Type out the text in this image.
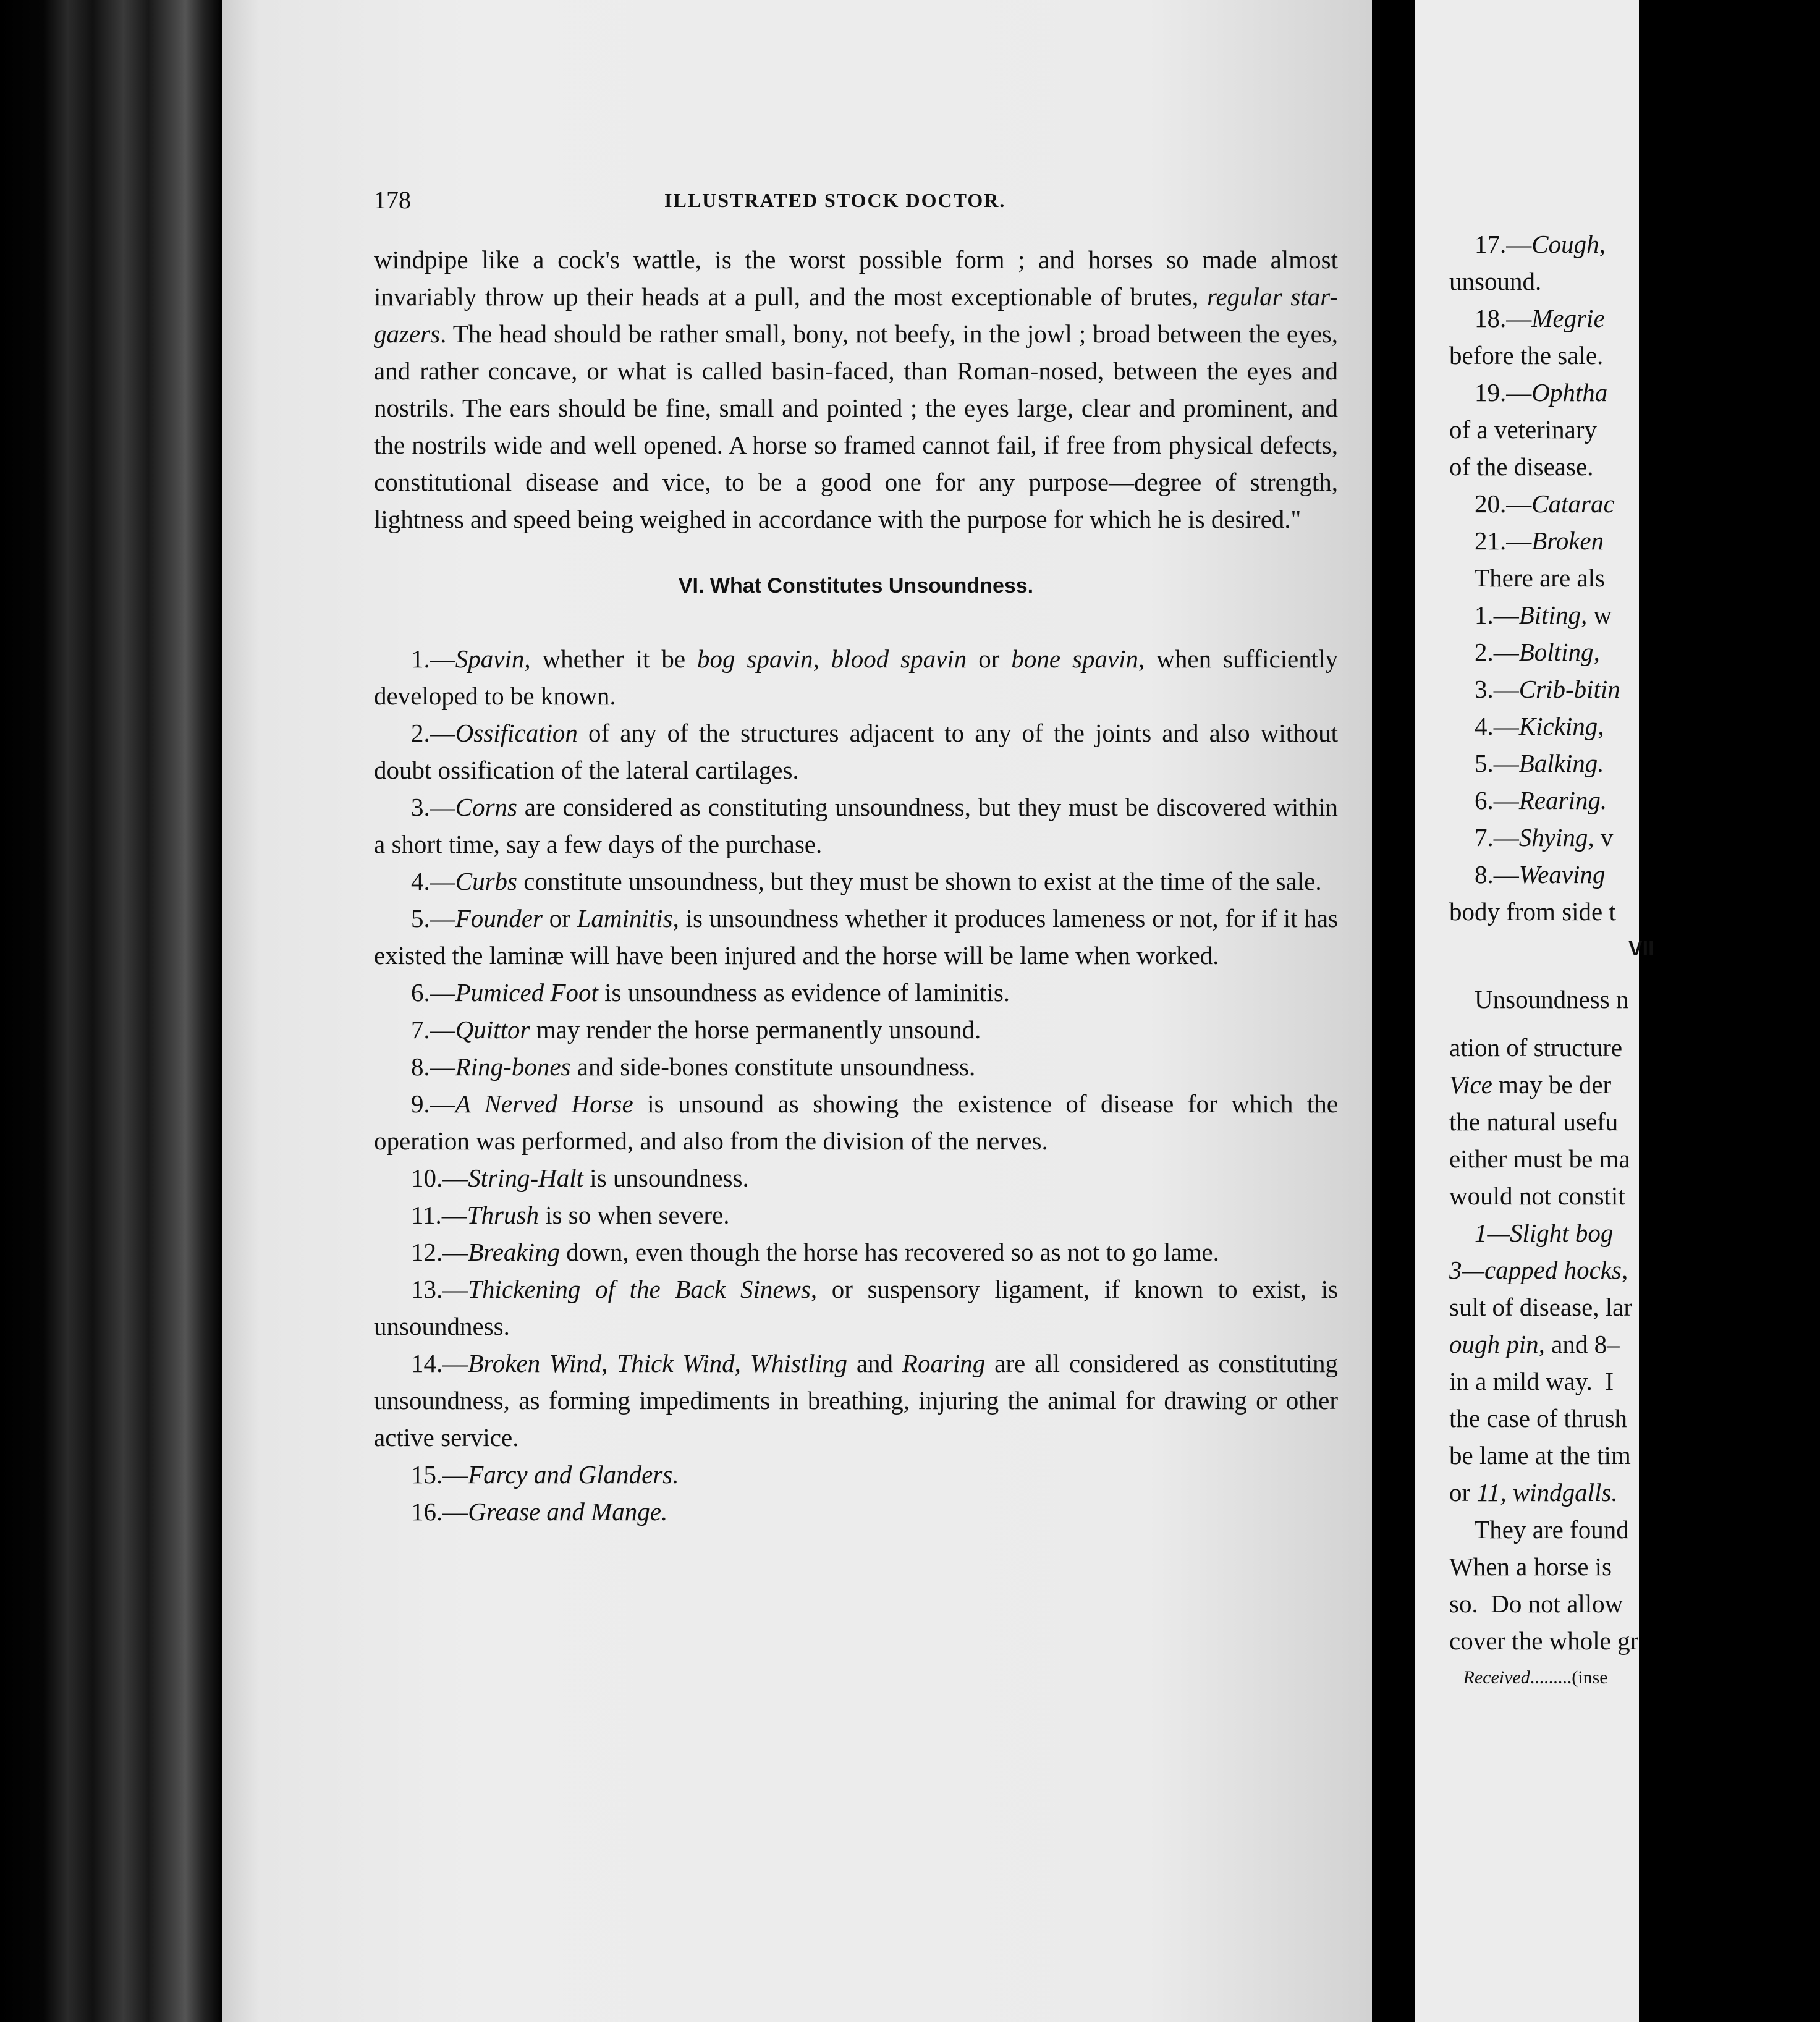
17.—Cough,
unsound.
18.—Megrie
before the sale.
19.—Ophtha
of a veterinary
of the disease.
20.—Catarac
21.—Broken
There are als
1.—Biting, w
2.—Bolting,
3.—Crib-bitin
4.—Kicking,
5.—Balking.
6.—Rearing.
7.—Shying, v
8.—Weaving
body from side t
VII
Unsoundness n
ation of structure
Vice may be der
the natural usefu
either must be ma
would not constit
1—Slight bog
3—capped hocks,
sult of disease, lar
ough pin, and 8–
in a mild way.  I
the case of thrush
be lame at the tim
or 11, windgalls.
They are found
When a horse is
so.  Do not allow
cover the whole gr
Received.........(inse
178	ILLUSTRATED STOCK DOCTOR.

windpipe like a cock's wattle, is the worst possible form ; and horses so made almost invariably throw up their heads at a pull, and the most exceptionable of brutes, regular star-gazers. The head should be rather small, bony, not beefy, in the jowl ; broad between the eyes, and rather concave, or what is called basin-faced, than Roman-nosed, between the eyes and nostrils. The ears should be fine, small and pointed ; the eyes large, clear and prominent, and the nostrils wide and well opened. A horse so framed cannot fail, if free from physical defects, constitutional disease and vice, to be a good one for any purpose—degree of strength, lightness and speed being weighed in accordance with the purpose for which he is desired."

VI. What Constitutes Unsoundness.

1.—Spavin, whether it be bog spavin, blood spavin or bone spavin, when sufficiently developed to be known.

2.—Ossification of any of the structures adjacent to any of the joints and also without doubt ossification of the lateral cartilages.

3.—Corns are considered as constituting unsoundness, but they must be discovered within a short time, say a few days of the purchase.

4.—Curbs constitute unsoundness, but they must be shown to exist at the time of the sale.

5.—Founder or Laminitis, is unsoundness whether it produces lameness or not, for if it has existed the laminæ will have been injured and the horse will be lame when worked.

6.—Pumiced Foot is unsoundness as evidence of laminitis.

7.—Quittor may render the horse permanently unsound.

8.—Ring-bones and side-bones constitute unsoundness.

9.—A Nerved Horse is unsound as showing the existence of disease for which the operation was performed, and also from the division of the nerves.

10.—String-Halt is unsoundness.

11.—Thrush is so when severe.

12.—Breaking down, even though the horse has recovered so as not to go lame.

13.—Thickening of the Back Sinews, or suspensory ligament, if known to exist, is unsoundness.

14.—Broken Wind, Thick Wind, Whistling and Roaring are all considered as constituting unsoundness, as forming impediments in breathing, injuring the animal for drawing or other active service.

15.—Farcy and Glanders.

16.—Grease and Mange.
